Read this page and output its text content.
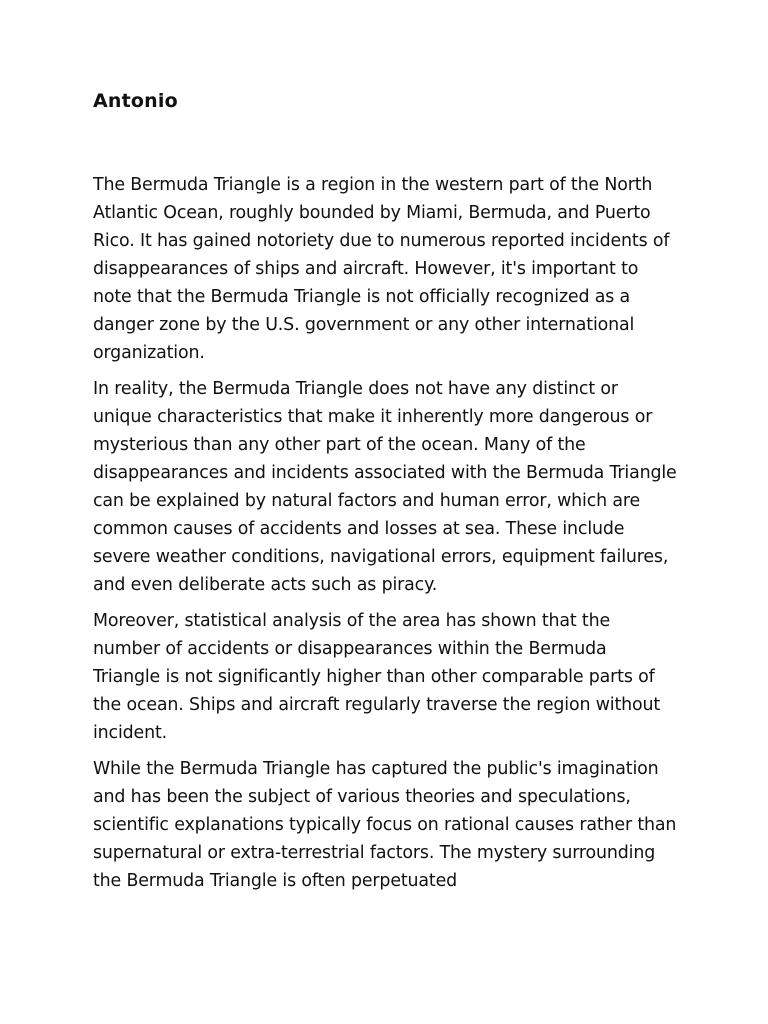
Antonio

The Bermuda Triangle is a region in the western part of the North Atlantic Ocean, roughly bounded by Miami, Bermuda, and Puerto Rico. It has gained notoriety due to numerous reported incidents of disappearances of ships and aircraft. However, it's important to note that the Bermuda Triangle is not officially recognized as a danger zone by the U.S. government or any other international organization.

In reality, the Bermuda Triangle does not have any distinct or unique characteristics that make it inherently more dangerous or mysterious than any other part of the ocean. Many of the disappearances and incidents associated with the Bermuda Triangle can be explained by natural factors and human error, which are common causes of accidents and losses at sea. These include severe weather conditions, navigational errors, equipment failures, and even deliberate acts such as piracy.

Moreover, statistical analysis of the area has shown that the number of accidents or disappearances within the Bermuda Triangle is not significantly higher than other comparable parts of the ocean. Ships and aircraft regularly traverse the region without incident.

While the Bermuda Triangle has captured the public's imagination and has been the subject of various theories and speculations, scientific explanations typically focus on rational causes rather than supernatural or extra-terrestrial factors. The mystery surrounding the Bermuda Triangle is often perpetuated
